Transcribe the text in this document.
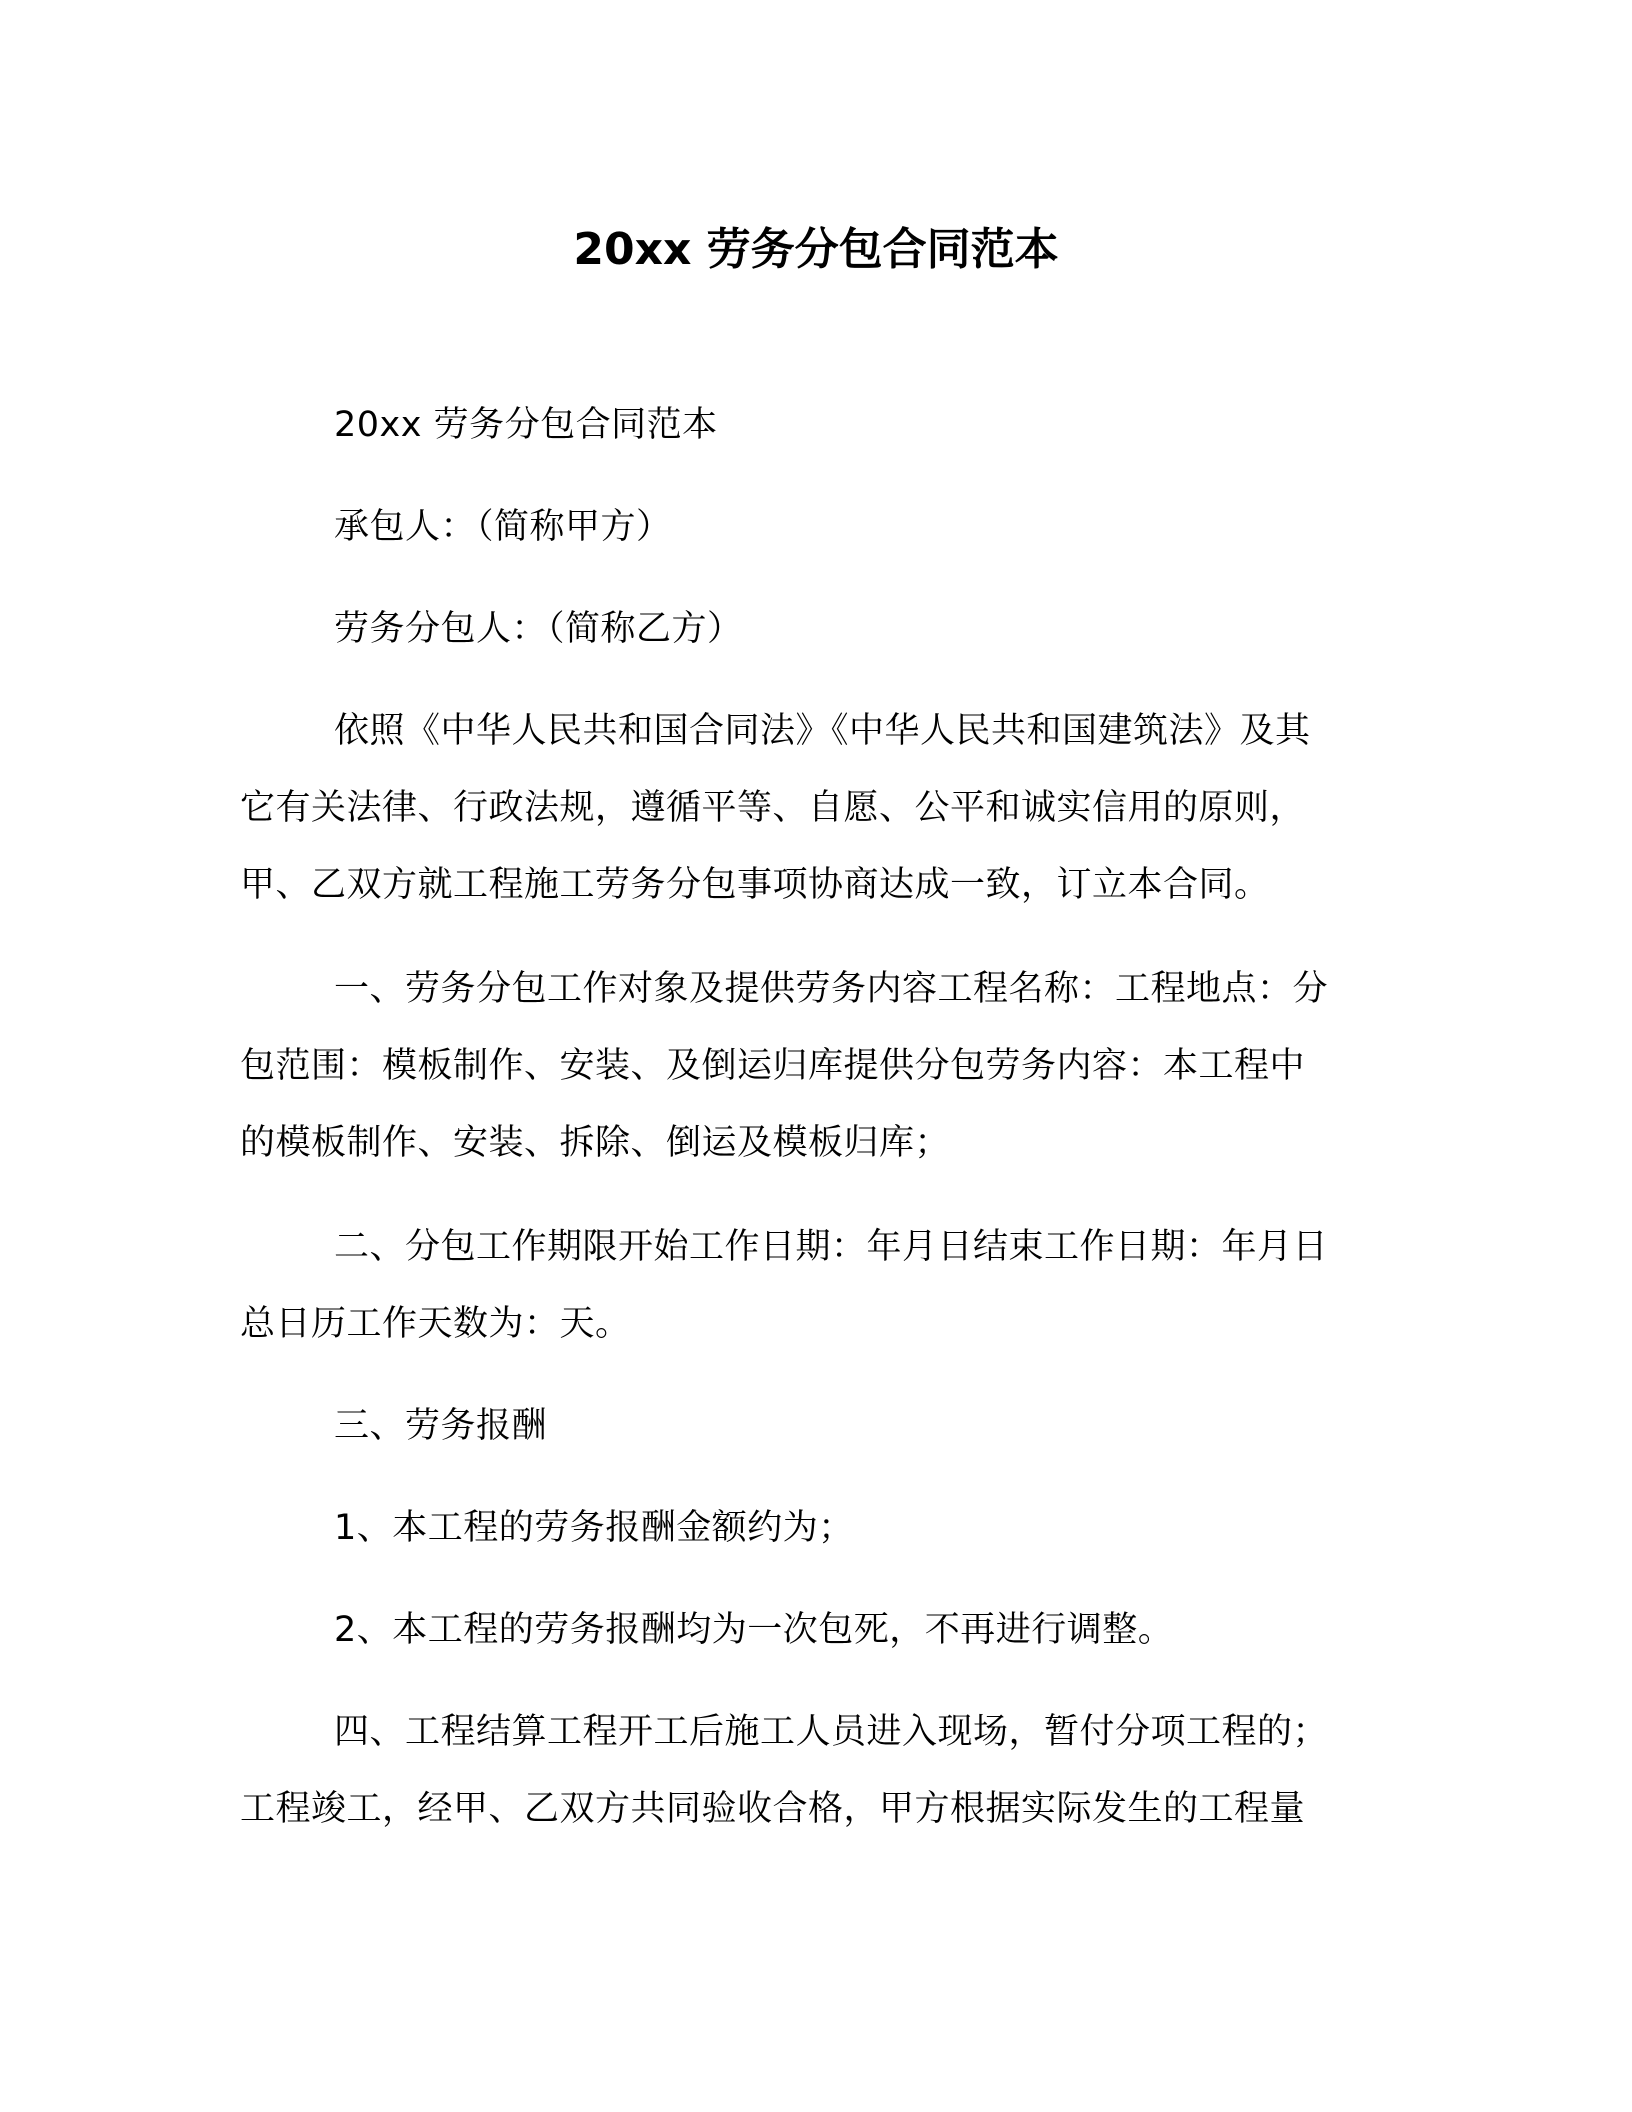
20xx 劳务分包合同范本
20xx 劳务分包合同范本
承包人：（简称甲方）
劳务分包人：（简称乙方）
依照《中华人民共和国合同法》《中华人民共和国建筑法》及其
它有关法律、行政法规，遵循平等、自愿、公平和诚实信用的原则，
甲、乙双方就工程施工劳务分包事项协商达成一致，订立本合同。
一、劳务分包工作对象及提供劳务内容工程名称：工程地点：分
包范围：模板制作、安装、及倒运归库提供分包劳务内容：本工程中
的模板制作、安装、拆除、倒运及模板归库；
二、分包工作期限开始工作日期：年月日结束工作日期：年月日
总日历工作天数为：天。
三、劳务报酬
1、本工程的劳务报酬金额约为；
2、本工程的劳务报酬均为一次包死，不再进行调整。
四、工程结算工程开工后施工人员进入现场，暂付分项工程的；
工程竣工，经甲、乙双方共同验收合格，甲方根据实际发生的工程量
